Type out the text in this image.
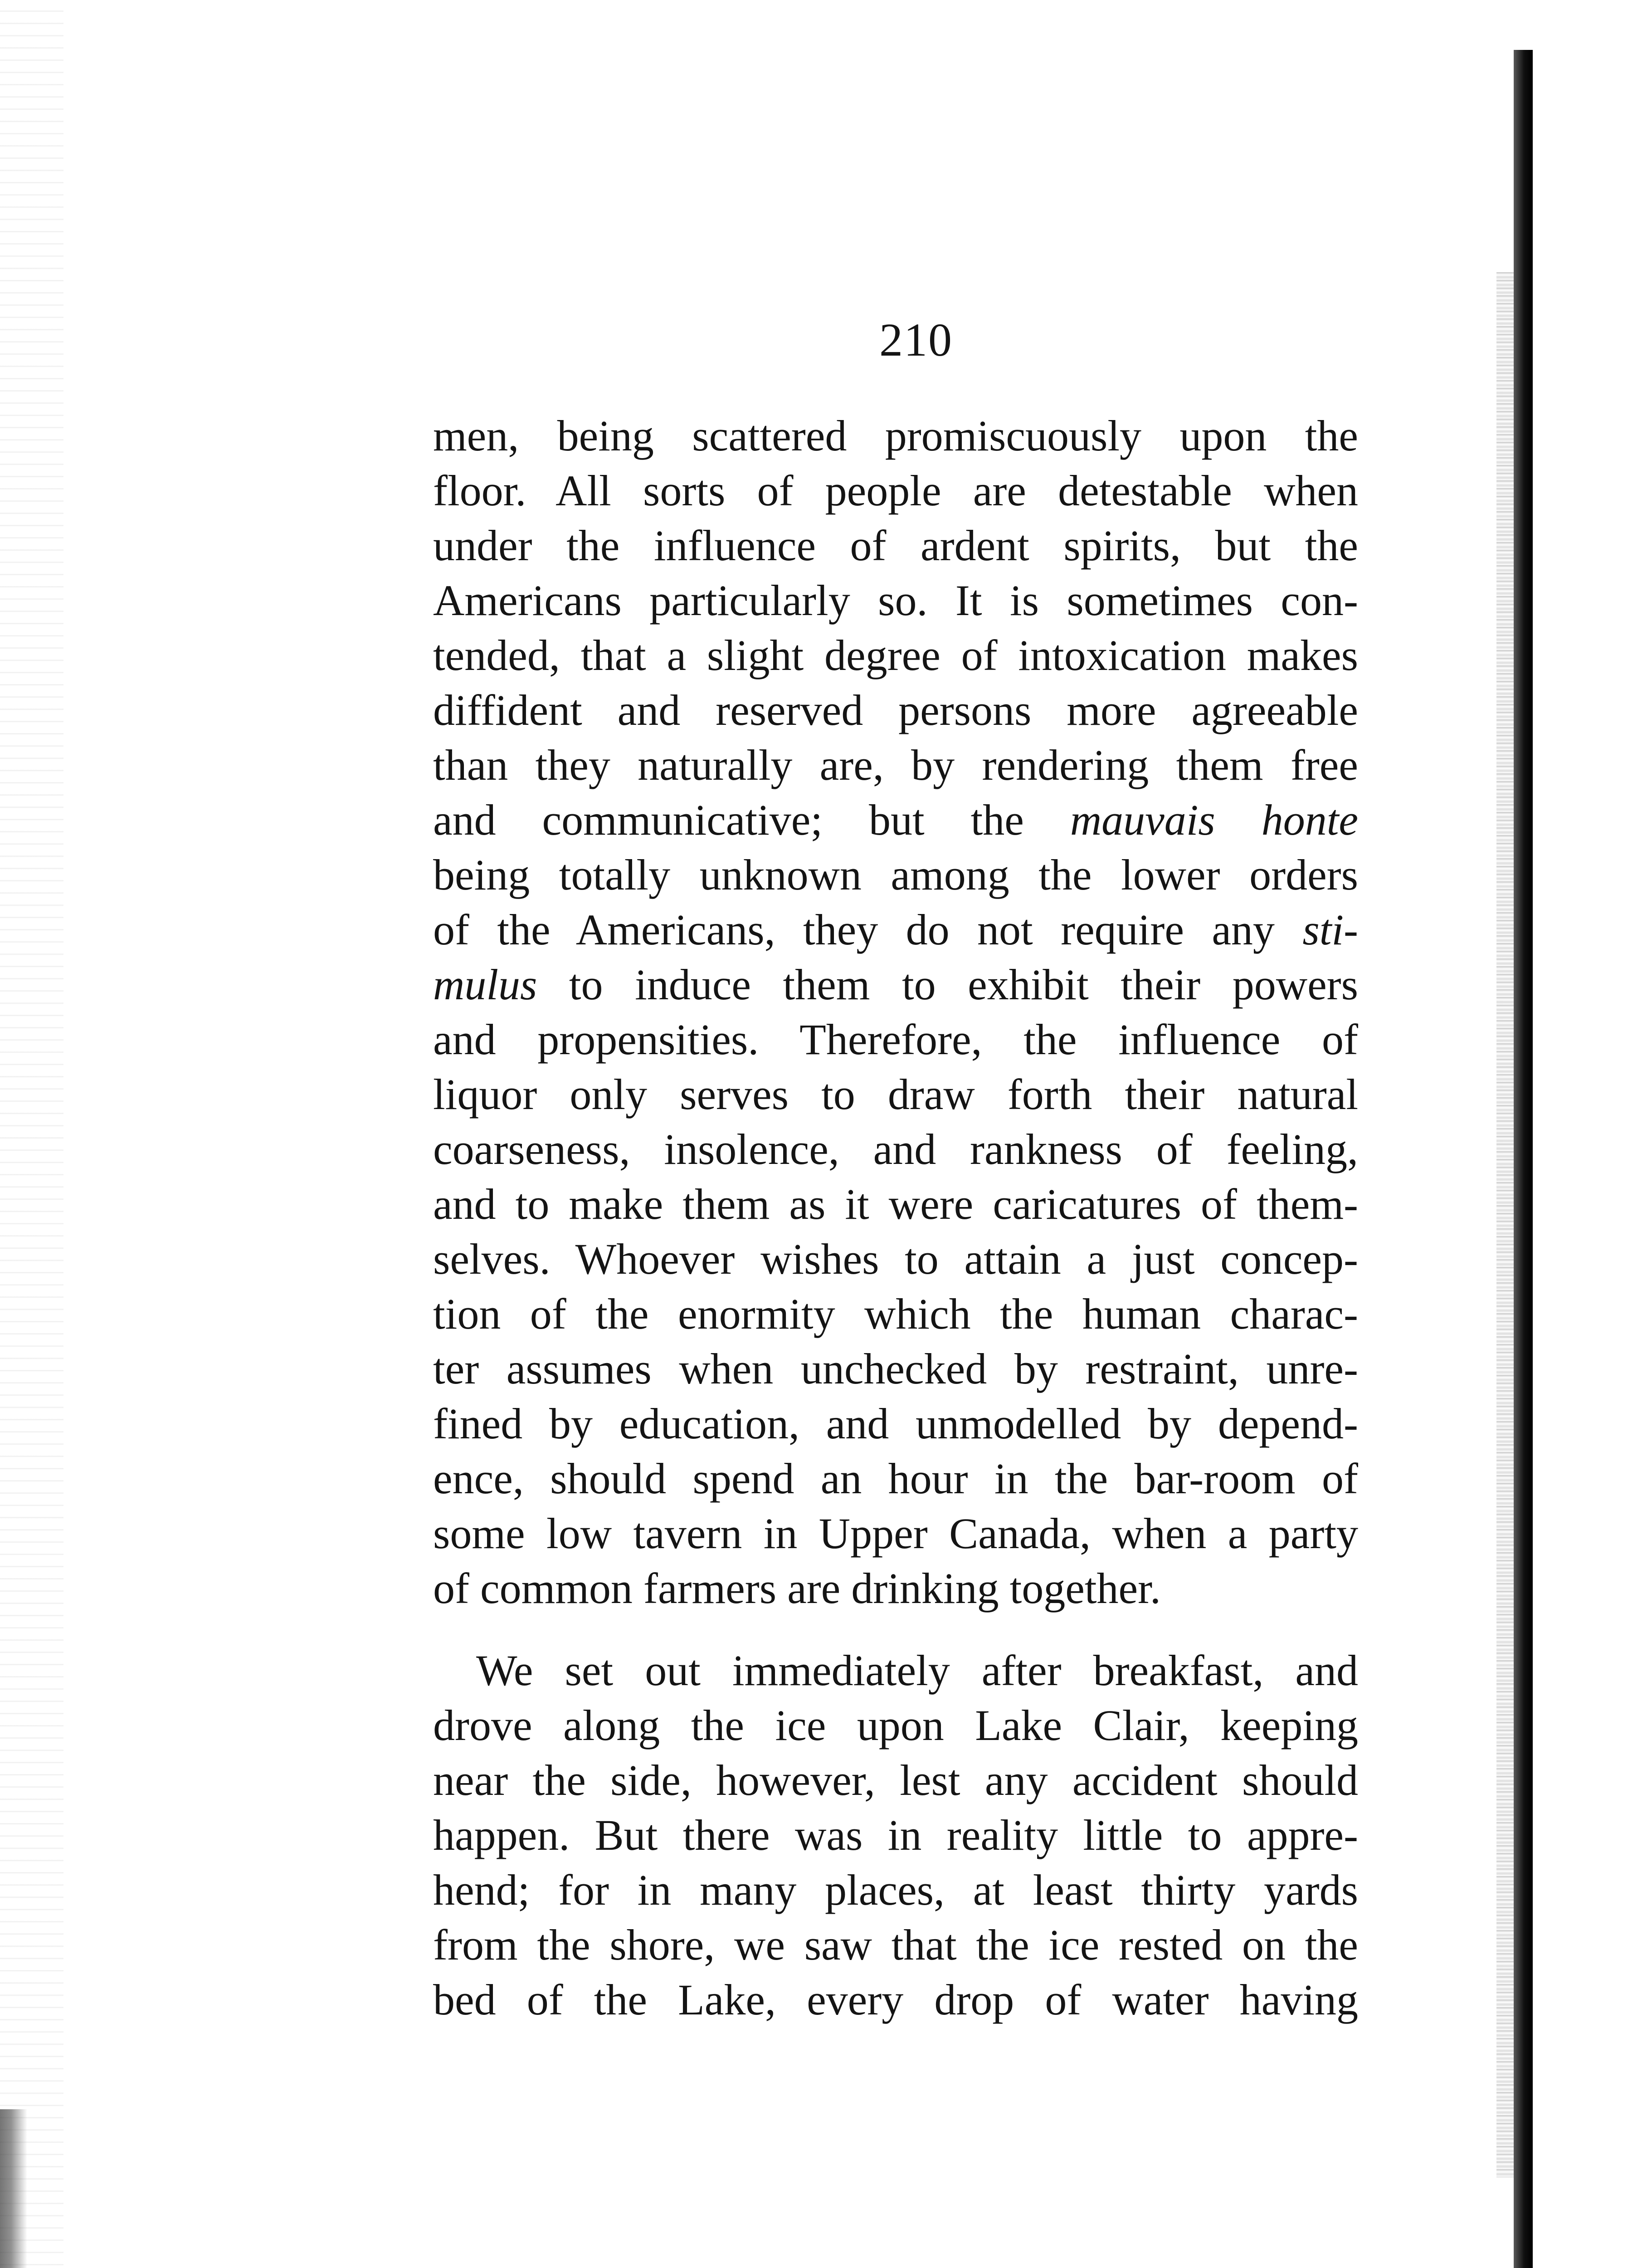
210
men, being scattered promiscuously upon the
floor. All sorts of people are detestable when
under the influence of ardent spirits, but the
Americans particularly so. It is sometimes con-
tended, that a slight degree of intoxication makes
diffident and reserved persons more agreeable
than they naturally are, by rendering them free
and communicative; but the mauvais honte
being totally unknown among the lower orders
of the Americans, they do not require any sti-
mulus to induce them to exhibit their powers
and propensities. Therefore, the influence of
liquor only serves to draw forth their natural
coarseness, insolence, and rankness of feeling,
and to make them as it were caricatures of them-
selves. Whoever wishes to attain a just concep-
tion of the enormity which the human charac-
ter assumes when unchecked by restraint, unre-
fined by education, and unmodelled by depend-
ence, should spend an hour in the bar-room of
some low tavern in Upper Canada, when a party
of common farmers are drinking together.
We set out immediately after breakfast, and
drove along the ice upon Lake Clair, keeping
near the side, however, lest any accident should
happen. But there was in reality little to appre-
hend; for in many places, at least thirty yards
from the shore, we saw that the ice rested on the
bed of the Lake, every drop of water having
